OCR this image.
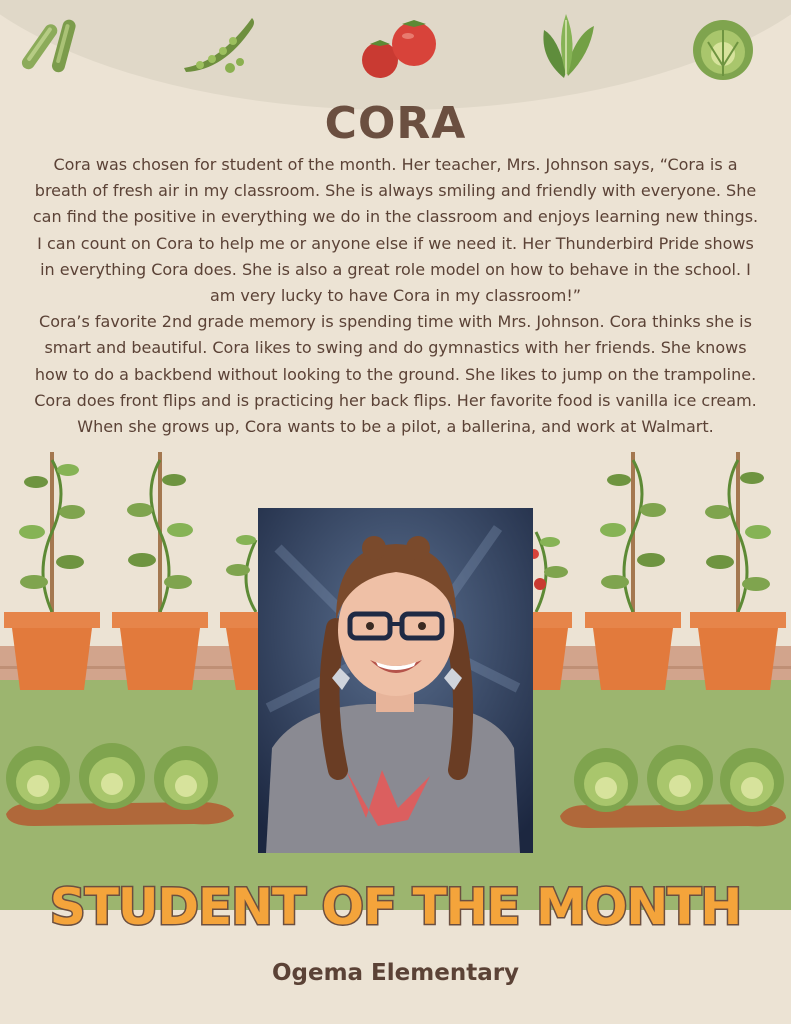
CORA

Cora was chosen for student of the month. Her teacher, Mrs. Johnson says, “Cora is a breath of fresh air in my classroom. She is always smiling and friendly with everyone. She can find the positive in everything we do in the classroom and enjoys learning new things. I can count on Cora to help me or anyone else if we need it. Her Thunderbird Pride shows in everything Cora does. She is also a great role model on how to behave in the school. I am very lucky to have Cora in my classroom!”

Cora’s favorite 2nd grade memory is spending time with Mrs. Johnson. Cora thinks she is smart and beautiful. Cora likes to swing and do gymnastics with her friends. She knows how to do a backbend without looking to the ground. She likes to jump on the trampoline. Cora does front flips and is practicing her back flips. Her favorite food is vanilla ice cream. When she grows up, Cora wants to be a pilot, a ballerina, and work at Walmart.

STUDENT OF THE MONTH
Ogema Elementary
